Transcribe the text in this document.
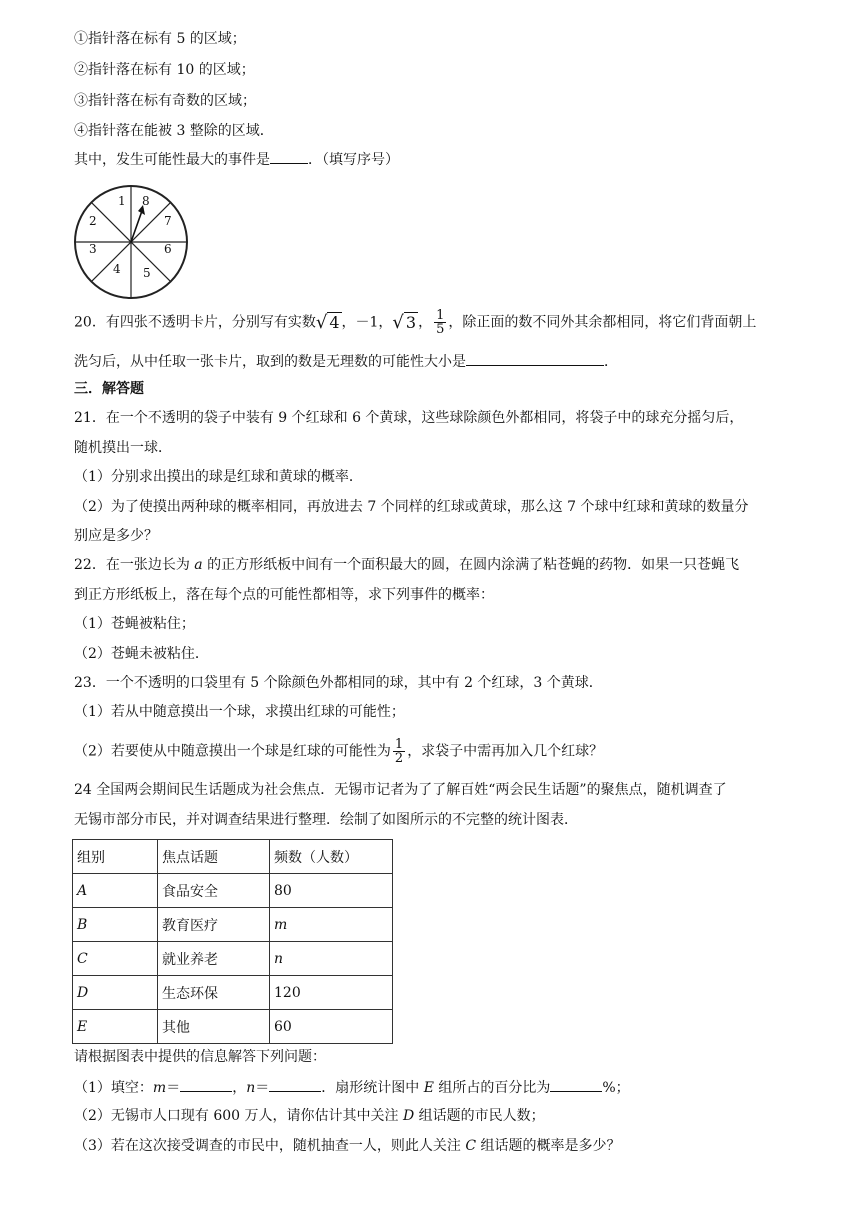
①指针落在标有 5 的区域；
②指针落在标有 10 的区域；
③指针落在标有奇数的区域；
④指针落在能被 3 整除的区域．
其中，发生可能性最大的事件是	．（填写序号）
1 8
7
6
5
4
3
2
20．有四张不透明卡片，分别写有实数√ 4 ，－1，√ 3 ， $\frac{1}{5}$ ，除正面的数不同外其余都相同，将它们背面朝上
洗匀后，从中任取一张卡片，取到的数是无理数的可能性大小是	．
三．解答题
21．在一个不透明的袋子中装有 9 个红球和 6 个黄球，这些球除颜色外都相同，将袋子中的球充分摇匀后，
随机摸出一球．
（1）分别求出摸出的球是红球和黄球的概率．
（2）为了使摸出两种球的概率相同，再放进去 7 个同样的红球或黄球，那么这 7 个球中红球和黄球的数量分
别应是多少？
22．在一张边长为 a 的正方形纸板中间有一个面积最大的圆，在圆内涂满了粘苍蝇的药物．如果一只苍蝇飞
到正方形纸板上，落在每个点的可能性都相等，求下列事件的概率：
（1）苍蝇被粘住；
（2）苍蝇未被粘住．
23．一个不透明的口袋里有 5 个除颜色外都相同的球，其中有 2 个红球，3 个黄球．
（1）若从中随意摸出一个球，求摸出红球的可能性；
（2）若要使从中随意摸出一个球是红球的可能性为 $\frac{1}{2}$ ，求袋子中需再加入几个红球？
24 全国两会期间民生话题成为社会焦点．无锡市记者为了了解百姓“两会民生话题”的聚焦点，随机调查了
无锡市部分市民，并对调查结果进行整理．绘制了如图所示的不完整的统计图表．
组别	焦点话题	频数（人数）
A	食品安全	80
B	教育医疗	m
C	就业养老	n
D	生态环保	120
E	其他	60
请根据图表中提供的信息解答下列问题：
（1）填空：m＝	，n＝	．扇形统计图中 E 组所占的百分比为	%；
（2）无锡市人口现有 600 万人，请你估计其中关注 D 组话题的市民人数；
（3）若在这次接受调查的市民中，随机抽查一人，则此人关注 C 组话题的概率是多少？
